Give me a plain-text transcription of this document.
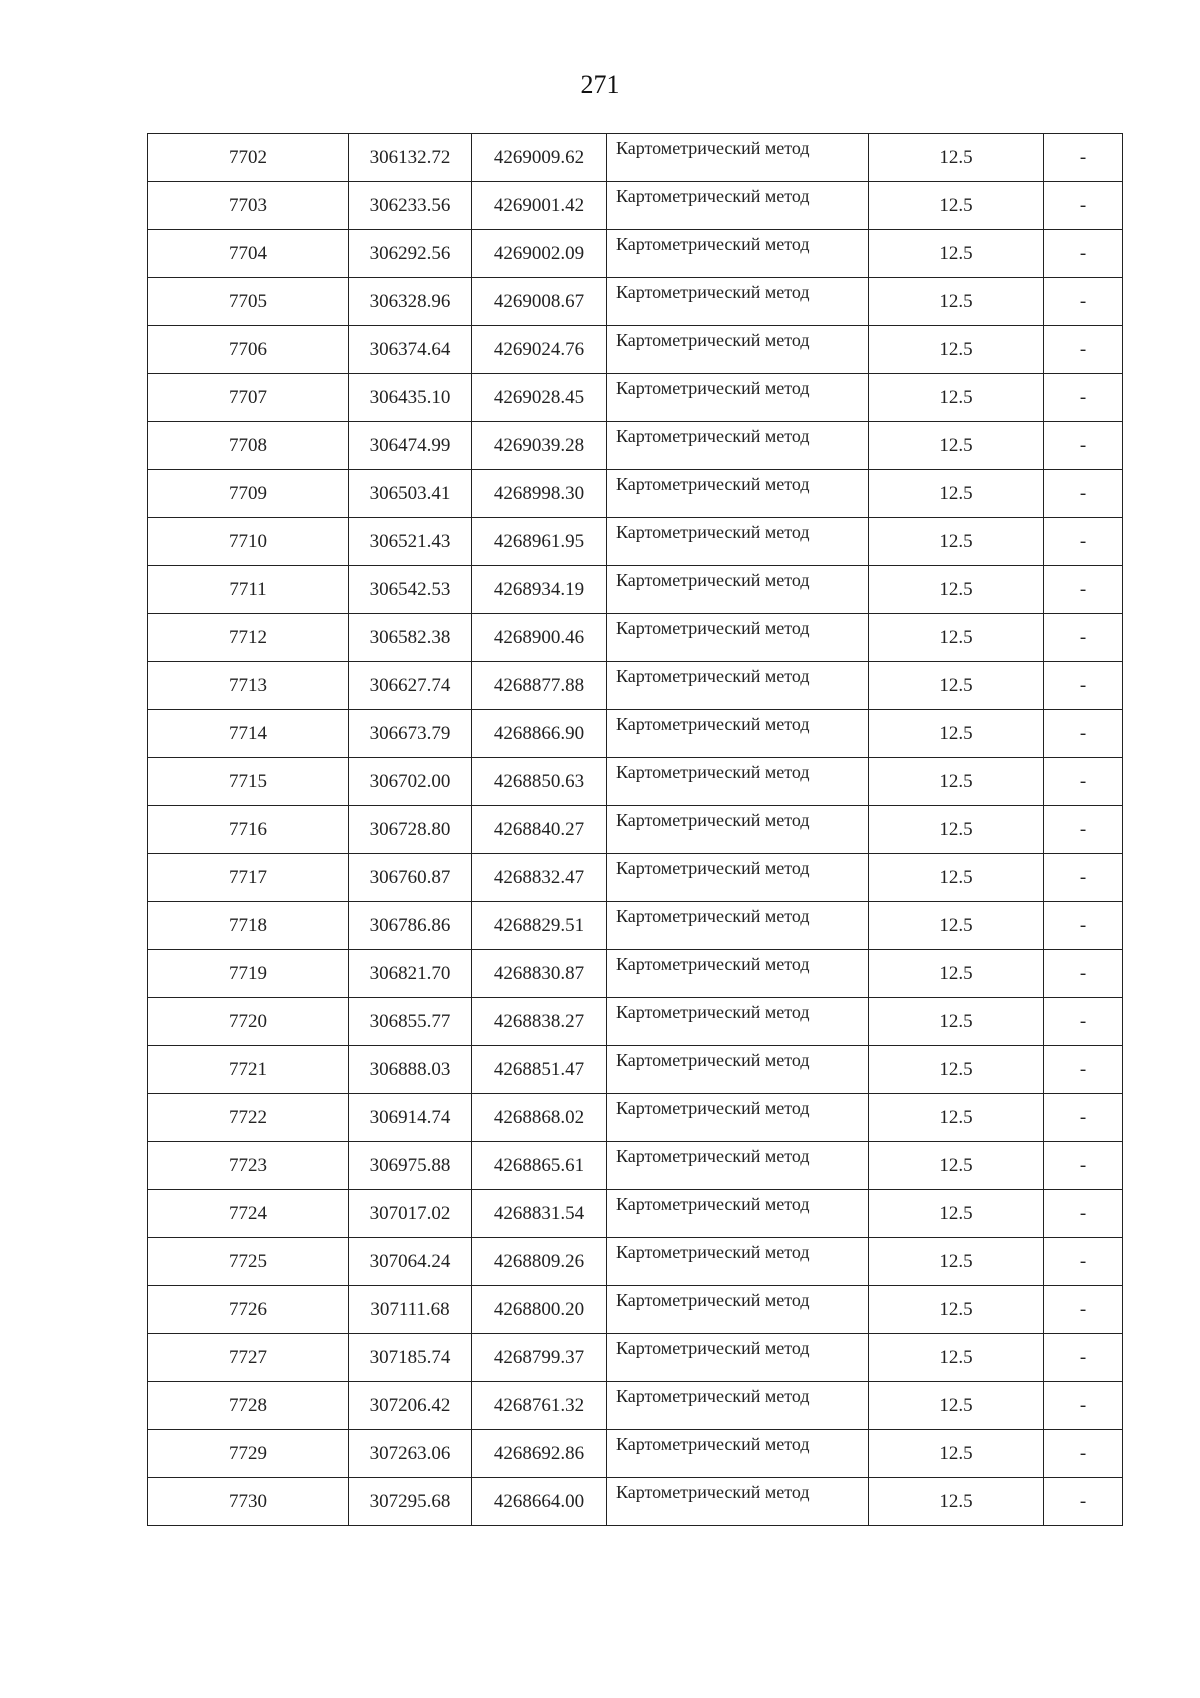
271
7702	306132.72	4269009.62	Картометрический метод	12.5	-
7703	306233.56	4269001.42	Картометрический метод	12.5	-
7704	306292.56	4269002.09	Картометрический метод	12.5	-
7705	306328.96	4269008.67	Картометрический метод	12.5	-
7706	306374.64	4269024.76	Картометрический метод	12.5	-
7707	306435.10	4269028.45	Картометрический метод	12.5	-
7708	306474.99	4269039.28	Картометрический метод	12.5	-
7709	306503.41	4268998.30	Картометрический метод	12.5	-
7710	306521.43	4268961.95	Картометрический метод	12.5	-
7711	306542.53	4268934.19	Картометрический метод	12.5	-
7712	306582.38	4268900.46	Картометрический метод	12.5	-
7713	306627.74	4268877.88	Картометрический метод	12.5	-
7714	306673.79	4268866.90	Картометрический метод	12.5	-
7715	306702.00	4268850.63	Картометрический метод	12.5	-
7716	306728.80	4268840.27	Картометрический метод	12.5	-
7717	306760.87	4268832.47	Картометрический метод	12.5	-
7718	306786.86	4268829.51	Картометрический метод	12.5	-
7719	306821.70	4268830.87	Картометрический метод	12.5	-
7720	306855.77	4268838.27	Картометрический метод	12.5	-
7721	306888.03	4268851.47	Картометрический метод	12.5	-
7722	306914.74	4268868.02	Картометрический метод	12.5	-
7723	306975.88	4268865.61	Картометрический метод	12.5	-
7724	307017.02	4268831.54	Картометрический метод	12.5	-
7725	307064.24	4268809.26	Картометрический метод	12.5	-
7726	307111.68	4268800.20	Картометрический метод	12.5	-
7727	307185.74	4268799.37	Картометрический метод	12.5	-
7728	307206.42	4268761.32	Картометрический метод	12.5	-
7729	307263.06	4268692.86	Картометрический метод	12.5	-
7730	307295.68	4268664.00	Картометрический метод	12.5	-
